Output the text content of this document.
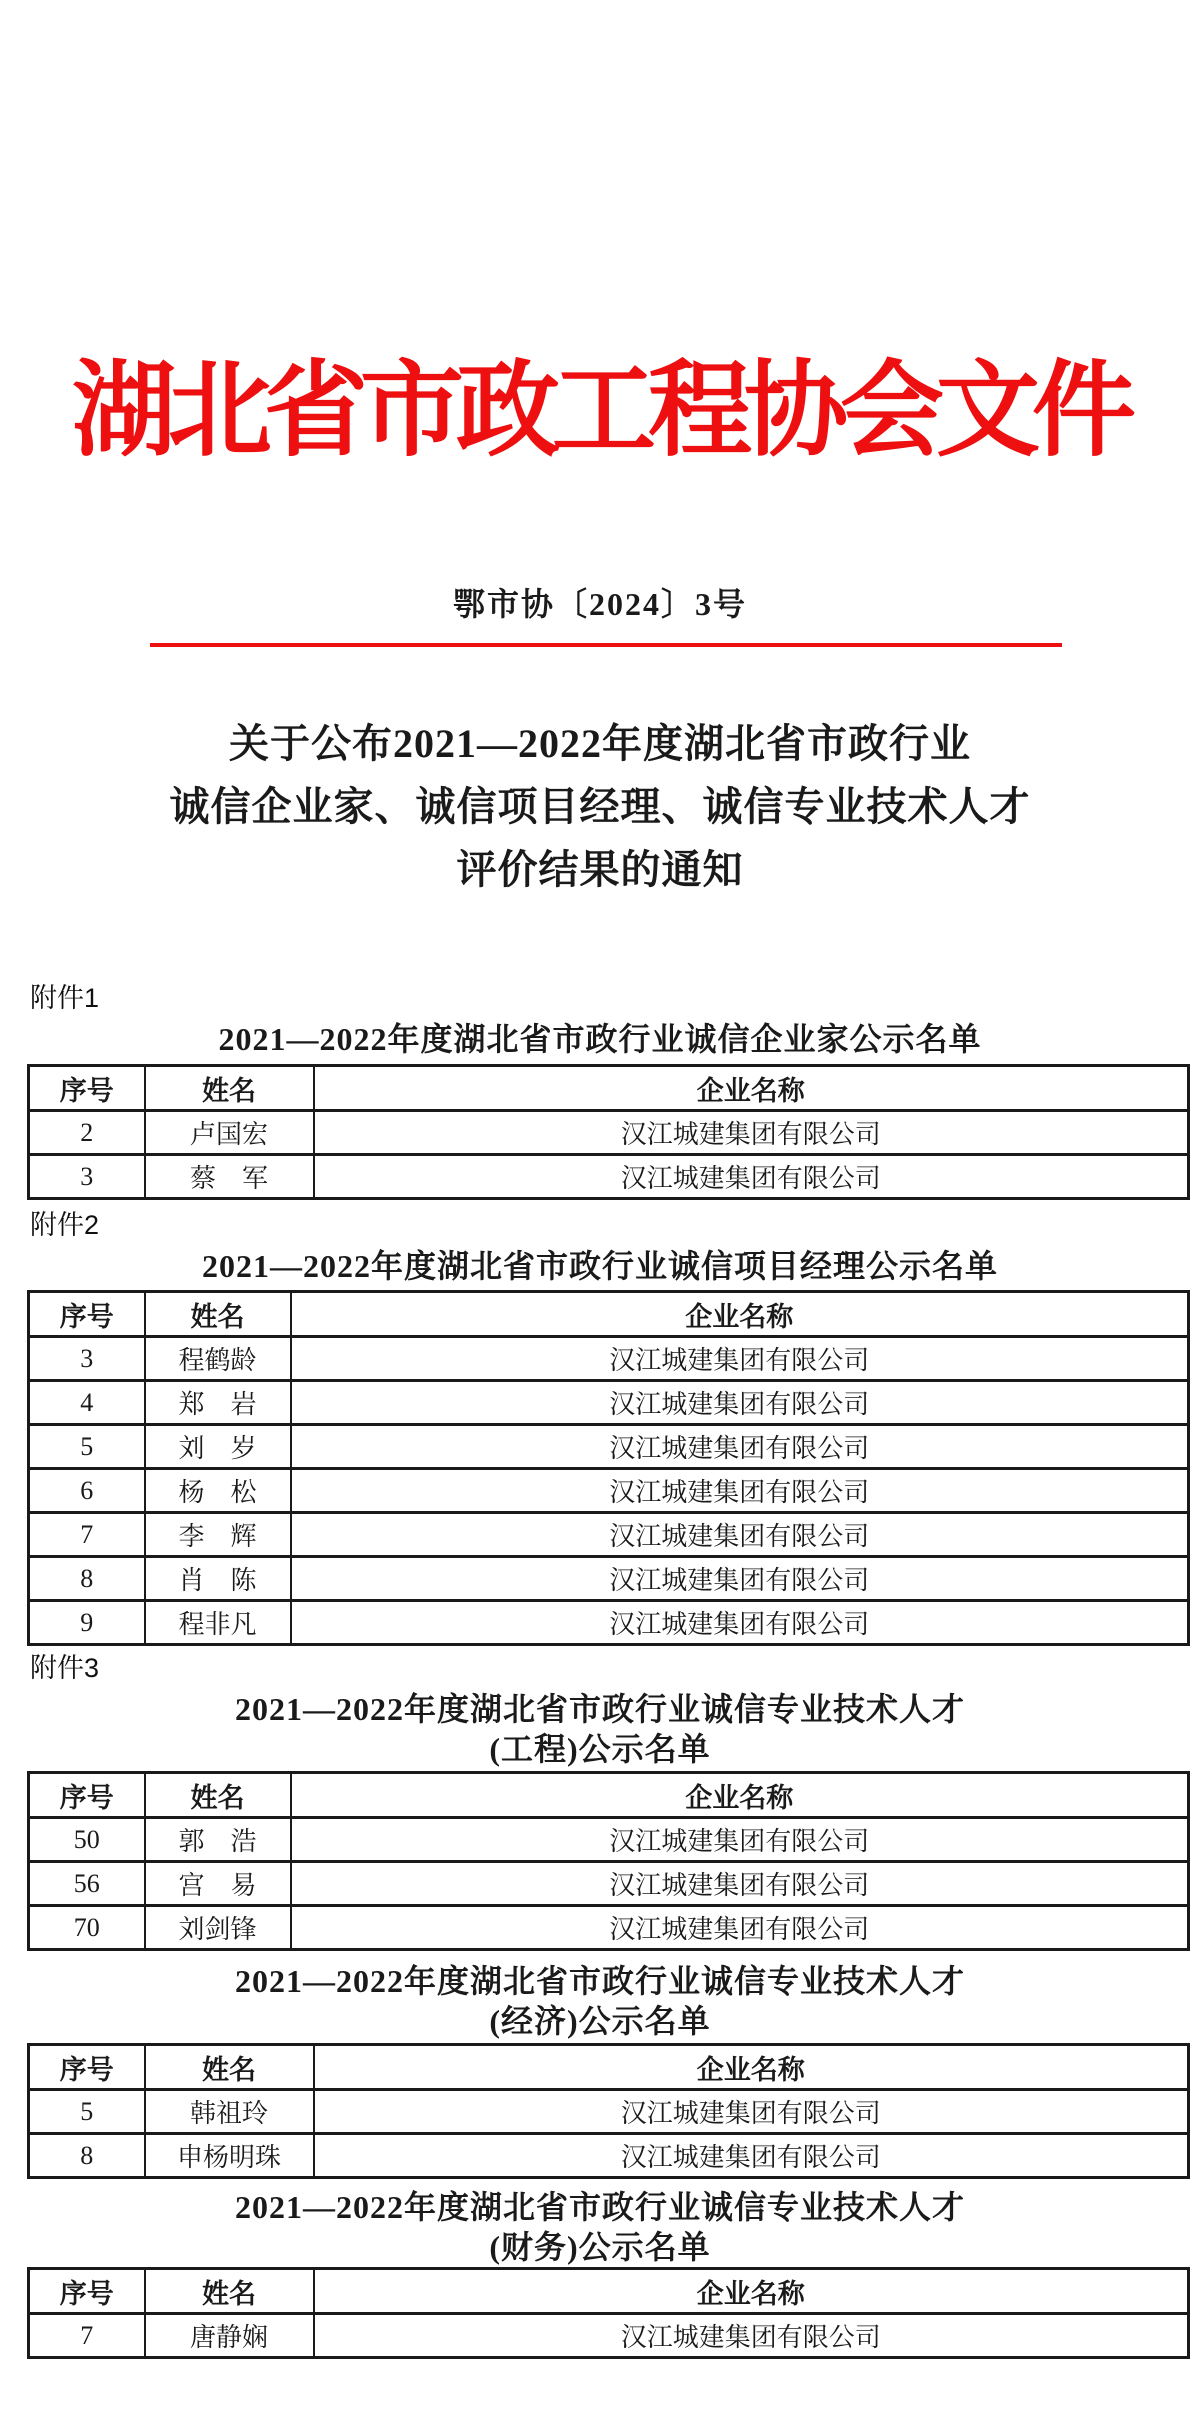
湖北省市政工程协会文件
鄂市协〔2024〕3号
关于公布2021—2022年度湖北省市政行业
诚信企业家、诚信项目经理、诚信专业技术人才
评价结果的通知
附件1
2021—2022年度湖北省市政行业诚信企业家公示名单
序号	姓名	企业名称
2	卢国宏	汉江城建集团有限公司
3	蔡　军	汉江城建集团有限公司
附件2
2021—2022年度湖北省市政行业诚信项目经理公示名单
序号	姓名	企业名称
3	程鹤龄	汉江城建集团有限公司
4	郑　岩	汉江城建集团有限公司
5	刘　岁	汉江城建集团有限公司
6	杨　松	汉江城建集团有限公司
7	李　辉	汉江城建集团有限公司
8	肖　陈	汉江城建集团有限公司
9	程非凡	汉江城建集团有限公司
附件3
2021—2022年度湖北省市政行业诚信专业技术人才
(工程)公示名单
序号	姓名	企业名称
50	郭　浩	汉江城建集团有限公司
56	宫　易	汉江城建集团有限公司
70	刘剑锋	汉江城建集团有限公司
2021—2022年度湖北省市政行业诚信专业技术人才
(经济)公示名单
序号	姓名	企业名称
5	韩祖玲	汉江城建集团有限公司
8	申杨明珠	汉江城建集团有限公司
2021—2022年度湖北省市政行业诚信专业技术人才
(财务)公示名单
序号	姓名	企业名称
7	唐静娴	汉江城建集团有限公司
